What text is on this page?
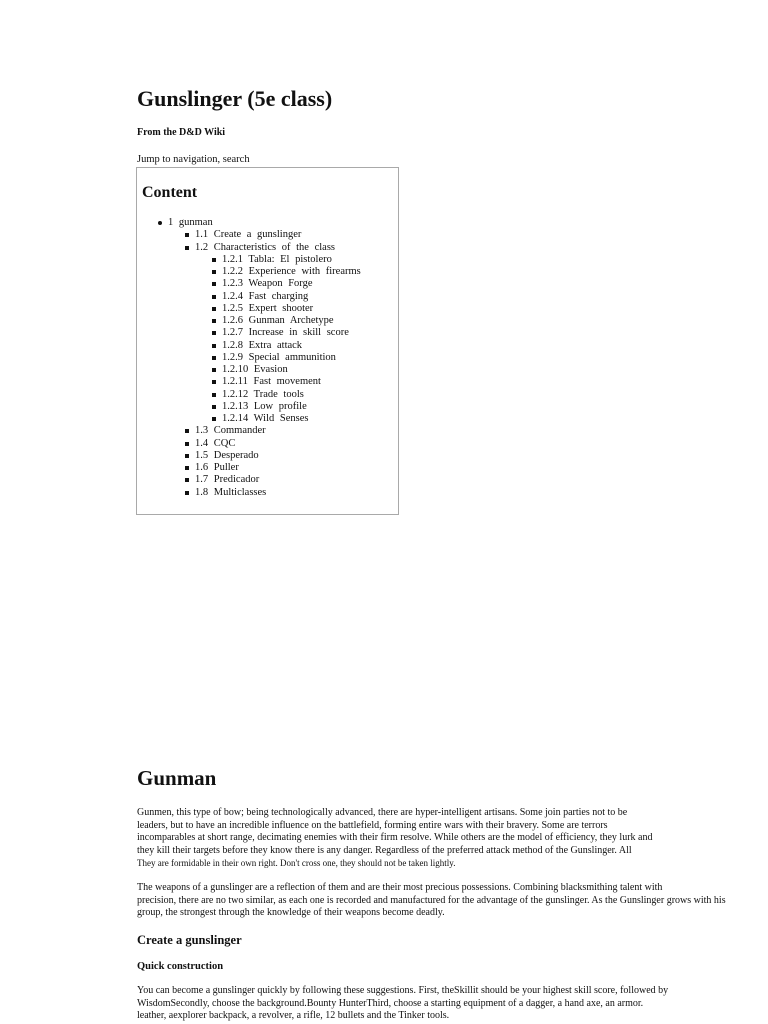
Gunslinger (5e class)
From the D&D Wiki
Jump to navigation, search
Content
1 gunman
1.1 Create a gunslinger
1.2 Characteristics of the class
1.2.1 Tabla: El pistolero
1.2.2 Experience with firearms
1.2.3 Weapon Forge
1.2.4 Fast charging
1.2.5 Expert shooter
1.2.6 Gunman Archetype
1.2.7 Increase in skill score
1.2.8 Extra attack
1.2.9 Special ammunition
1.2.10 Evasion
1.2.11 Fast movement
1.2.12 Trade tools
1.2.13 Low profile
1.2.14 Wild Senses
1.3 Commander
1.4 CQC
1.5 Desperado
1.6 Puller
1.7 Predicador
1.8 Multiclasses
Gunman
Gunmen, this type of bow; being technologically advanced, there are hyper-intelligent artisans. Some join parties not to be
leaders, but to have an incredible influence on the battlefield, forming entire wars with their bravery. Some are terrors
incomparables at short range, decimating enemies with their firm resolve. While others are the model of efficiency, they lurk and
they kill their targets before they know there is any danger. Regardless of the preferred attack method of the Gunslinger. All
They are formidable in their own right. Don't cross one, they should not be taken lightly.
The weapons of a gunslinger are a reflection of them and are their most precious possessions. Combining blacksmithing talent with
precision, there are no two similar, as each one is recorded and manufactured for the advantage of the gunslinger. As the Gunslinger grows with his
group, the strongest through the knowledge of their weapons become deadly.
Create a gunslinger
Quick construction
You can become a gunslinger quickly by following these suggestions. First, theSkillit should be your highest skill score, followed by
WisdomSecondly, choose the background.Bounty HunterThird, choose a starting equipment of a dagger, a hand axe, an armor.
leather, aexplorer backpack, a revolver, a rifle, 12 bullets and the Tinker tools.
